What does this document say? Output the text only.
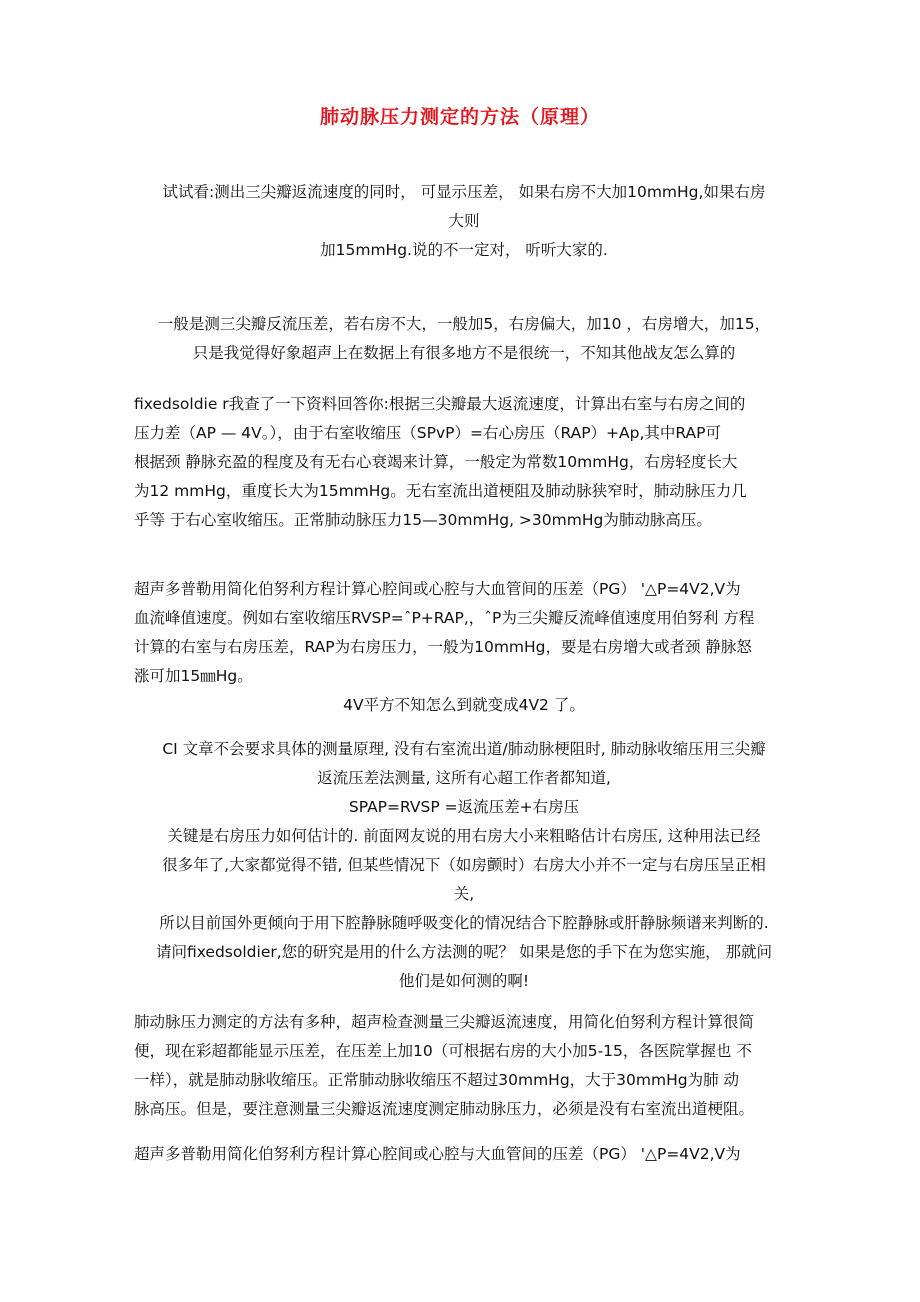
肺动脉压力测定的方法（原理）
试试看:测出三尖瓣返流速度的同时， 可显示压差， 如果右房不大加10mmHg,如果右房
大则
加15mmHg.说的不一定对， 听听大家的.
一般是测三尖瓣反流压差，若右房不大，一般加5，右房偏大，加10 ，右房增大，加15，
只是我觉得好象超声上在数据上有很多地方不是很统一，不知其他战友怎么算的
fixedsoldie r我查了一下资料回答你:根据三尖瓣最大返流速度，计算出右室与右房之间的
压力差（AP — 4V。），由于右室收缩压（SPvP）=右心房压（RAP）+Ap,其中RAP可
根据颈 静脉充盈的程度及有无右心衰竭来计算，一般定为常数10mmHg，右房轻度长大
为12 mmHg，重度长大为15mmHg。无右室流出道梗阻及肺动脉狭窄时，肺动脉压力几
乎等 于右心室收缩压。正常肺动脉压力15—30mmHg, >30mmHg为肺动脉高压。
超声多普勒用简化伯努利方程计算心腔间或心腔与大血管间的压差（PG） '△P=4V2,V为
血流峰值速度。例如右室收缩压RVSP=ˆP+RAP,，ˆP为三尖瓣反流峰值速度用伯努利 方程
计算的右室与右房压差，RAP为右房压力，一般为10mmHg，要是右房增大或者颈 静脉怒
涨可加15㎜Hg。
4V平方不知怎么到就变成4V2 了。
CI 文章不会要求具体的测量原理, 没有右室流出道/肺动脉梗阻时, 肺动脉收缩压用三尖瓣
返流压差法测量, 这所有心超工作者都知道,
SPAP=RVSP =返流压差+右房压
关键是右房压力如何估计的. 前面网友说的用右房大小来粗略估计右房压, 这种用法已经
很多年了,大家都觉得不错, 但某些情况下（如房颤时）右房大小并不一定与右房压呈正相
关,
所以目前国外更倾向于用下腔静脉随呼吸变化的情况结合下腔静脉或肝静脉频谱来判断的.
请问fixedsoldier,您的研究是用的什么方法测的呢？ 如果是您的手下在为您实施， 那就问
他们是如何测的啊!
肺动脉压力测定的方法有多种，超声检查测量三尖瓣返流速度，用简化伯努利方程计算很简
便，现在彩超都能显示压差，在压差上加10（可根据右房的大小加5-15，各医院掌握也 不
一样），就是肺动脉收缩压。正常肺动脉收缩压不超过30mmHg，大于30mmHg为肺 动
脉高压。但是，要注意测量三尖瓣返流速度测定肺动脉压力，必须是没有右室流出道梗阻。
超声多普勒用简化伯努利方程计算心腔间或心腔与大血管间的压差（PG） '△P=4V2,V为
